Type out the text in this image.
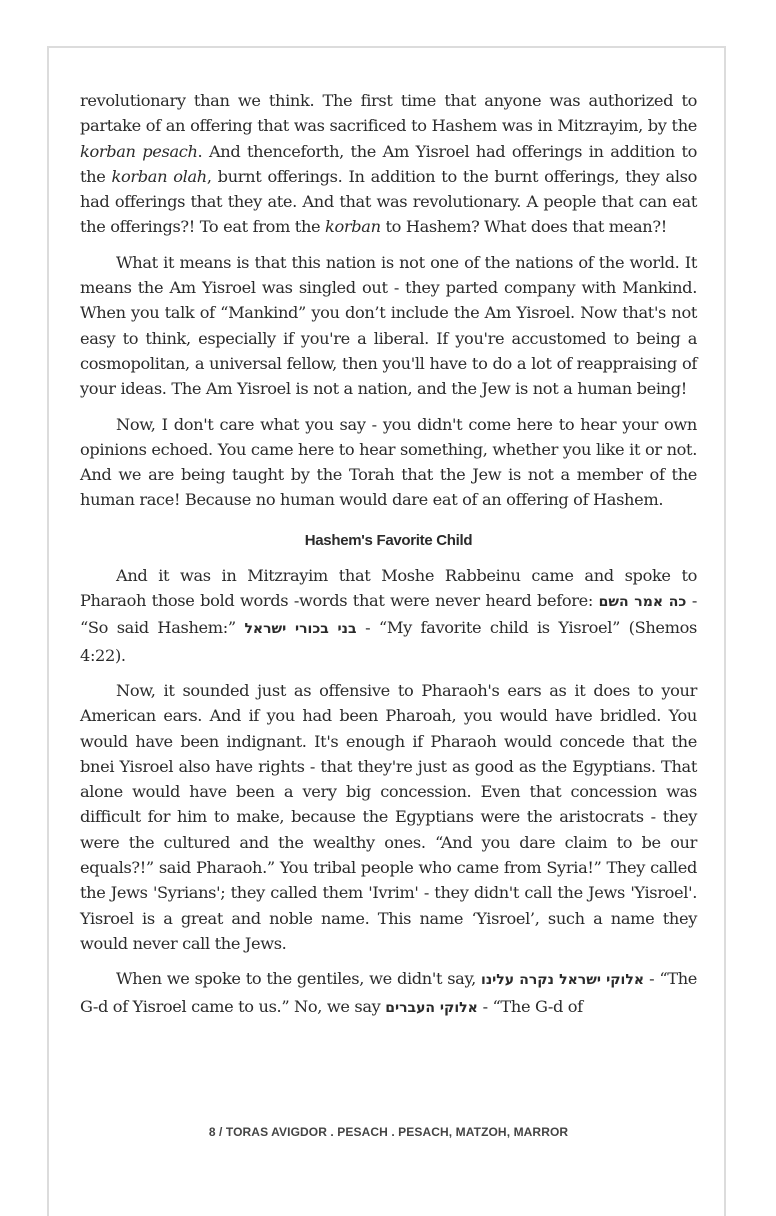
revolutionary than we think. The first time that anyone was authorized to partake of an offering that was sacrificed to Hashem was in Mitzrayim, by the korban pesach. And thenceforth, the Am Yisroel had offerings in addition to the korban olah, burnt offerings. In addition to the burnt offerings, they also had offerings that they ate. And that was revolutionary. A people that can eat the offerings?! To eat from the korban to Hashem? What does that mean?!

What it means is that this nation is not one of the nations of the world. It means the Am Yisroel was singled out - they parted company with Mankind. When you talk of “Mankind” you don’t include the Am Yisroel. Now that's not easy to think, especially if you're a liberal. If you're accustomed to being a cosmopolitan, a universal fellow, then you'll have to do a lot of reappraising of your ideas. The Am Yisroel is not a nation, and the Jew is not a human being!

Now, I don't care what you say - you didn't come here to hear your own opinions echoed. You came here to hear something, whether you like it or not. And we are being taught by the Torah that the Jew is not a member of the human race! Because no human would dare eat of an offering of Hashem.

Hashem's Favorite Child

And it was in Mitzrayim that Moshe Rabbeinu came and spoke to Pharaoh those bold words -words that were never heard before: כה אמר השם - “So said Hashem:” בני בכורי ישראל - “My favorite child is Yisroel” (Shemos 4:22).

Now, it sounded just as offensive to Pharaoh's ears as it does to your American ears. And if you had been Pharoah, you would have bridled. You would have been indignant. It's enough if Pharaoh would concede that the bnei Yisroel also have rights - that they're just as good as the Egyptians. That alone would have been a very big concession. Even that concession was difficult for him to make, because the Egyptians were the aristocrats - they were the cultured and the wealthy ones. “And you dare claim to be our equals?!” said Pharaoh.” You tribal people who came from Syria!” They called the Jews 'Syrians'; they called them 'Ivrim' - they didn't call the Jews 'Yisroel'. Yisroel is a great and noble name. This name ‘Yisroel’, such a name they would never call the Jews.

When we spoke to the gentiles, we didn't say, אלוקי ישראל נקרה עלינו - “The G-d of Yisroel came to us.” No, we say אלוקי העברים - “The G-d of

8 / TORAS AVIGDOR . PESACH . PESACH, MATZOH, MARROR
